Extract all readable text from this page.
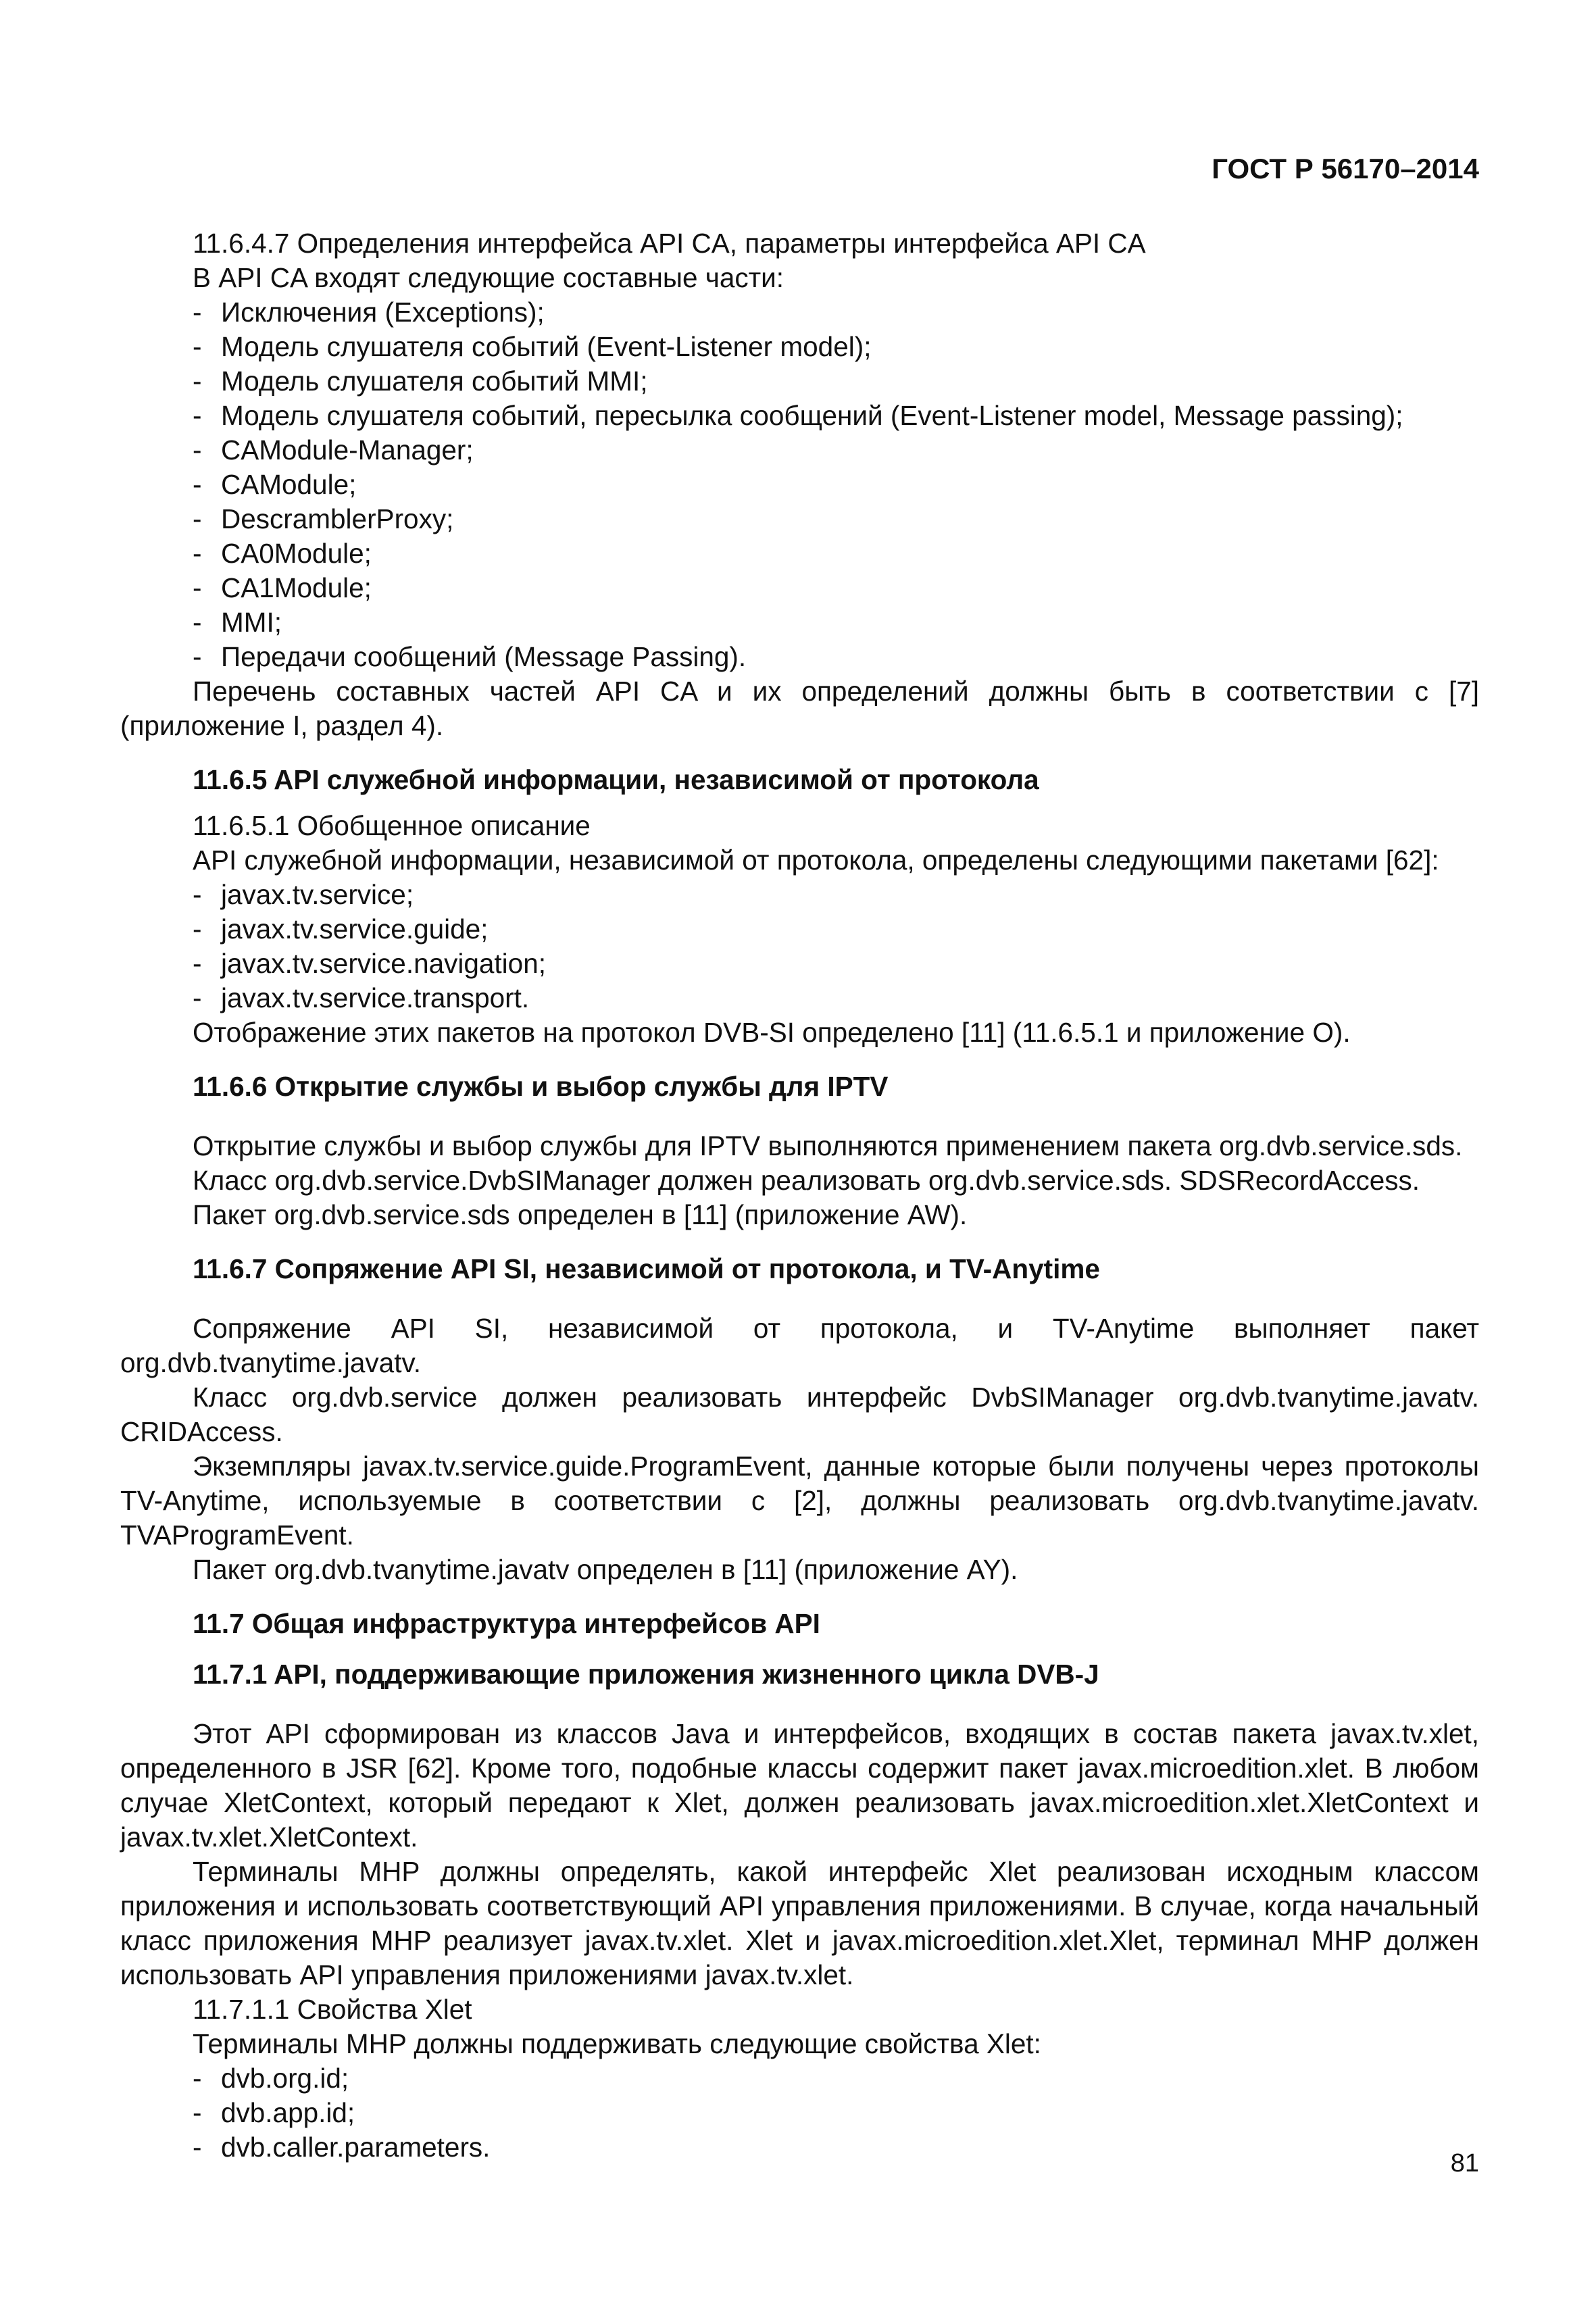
ГОСТ Р 56170–2014

11.6.4.7 Определения интерфейса API CA, параметры интерфейса API CA

В API CA входят следующие составные части:

- Исключения (Exceptions);

- Модель слушателя событий (Event-Listener model);

- Модель слушателя событий MMI;

- Модель слушателя событий, пересылка сообщений (Event-Listener model, Message passing);

- CAModule-Manager;

- CAModule;

- DescramblerProxy;

- CA0Module;

- CA1Module;

- MMI;

- Передачи сообщений (Message Passing).

Перечень составных частей API CA и их определений должны быть в соответствии с [7] (приложение I, раздел 4).

11.6.5 API служебной информации, независимой от протокола

11.6.5.1 Обобщенное описание

API служебной информации, независимой от протокола, определены следующими пакетами [62]:

- javax.tv.service;

- javax.tv.service.guide;

- javax.tv.service.navigation;

- javax.tv.service.transport.

Отображение этих пакетов на протокол DVB-SI определено [11] (11.6.5.1 и приложение O).

11.6.6 Открытие службы и выбор службы для IPTV

Открытие службы и выбор службы для IPTV выполняются применением пакета org.dvb.service.sds.

Класс org.dvb.service.DvbSIManager должен реализовать org.dvb.service.sds. SDSRecordAccess.

Пакет org.dvb.service.sds определен в [11] (приложение AW).

11.6.7 Сопряжение API SI, независимой от протокола, и TV-Anytime

Сопряжение API SI, независимой от протокола, и TV-Anytime выполняет пакет org.dvb.tvanytime.javatv.

Класс org.dvb.service должен реализовать интерфейс DvbSIManager org.dvb.tvanytime.javatv. CRIDAccess.

Экземпляры javax.tv.service.guide.ProgramEvent, данные которые были получены через протоколы TV-Anytime, используемые в соответствии с [2], должны реализовать org.dvb.tvanytime.javatv. TVAProgramEvent.

Пакет org.dvb.tvanytime.javatv определен в [11] (приложение AY).

11.7 Общая инфраструктура интерфейсов API

11.7.1 API, поддерживающие приложения жизненного цикла DVB-J

Этот API сформирован из классов Java и интерфейсов, входящих в состав пакета javax.tv.xlet, определенного в JSR [62]. Кроме того, подобные классы содержит пакет javax.microedition.xlet. В любом случае XletContext, который передают к Xlet, должен реализовать javax.microedition.xlet.XletContext и javax.tv.xlet.XletContext.

Терминалы MHP должны определять, какой интерфейс Xlet реализован исходным классом приложения и использовать соответствующий API управления приложениями. В случае, когда начальный класс приложения MHP реализует javax.tv.xlet. Xlet и javax.microedition.xlet.Xlet, терминал MHP должен использовать API управления приложениями javax.tv.xlet.

11.7.1.1 Свойства Xlet

Терминалы MHP должны поддерживать следующие свойства Xlet:

- dvb.org.id;

- dvb.app.id;

- dvb.caller.parameters.

81
